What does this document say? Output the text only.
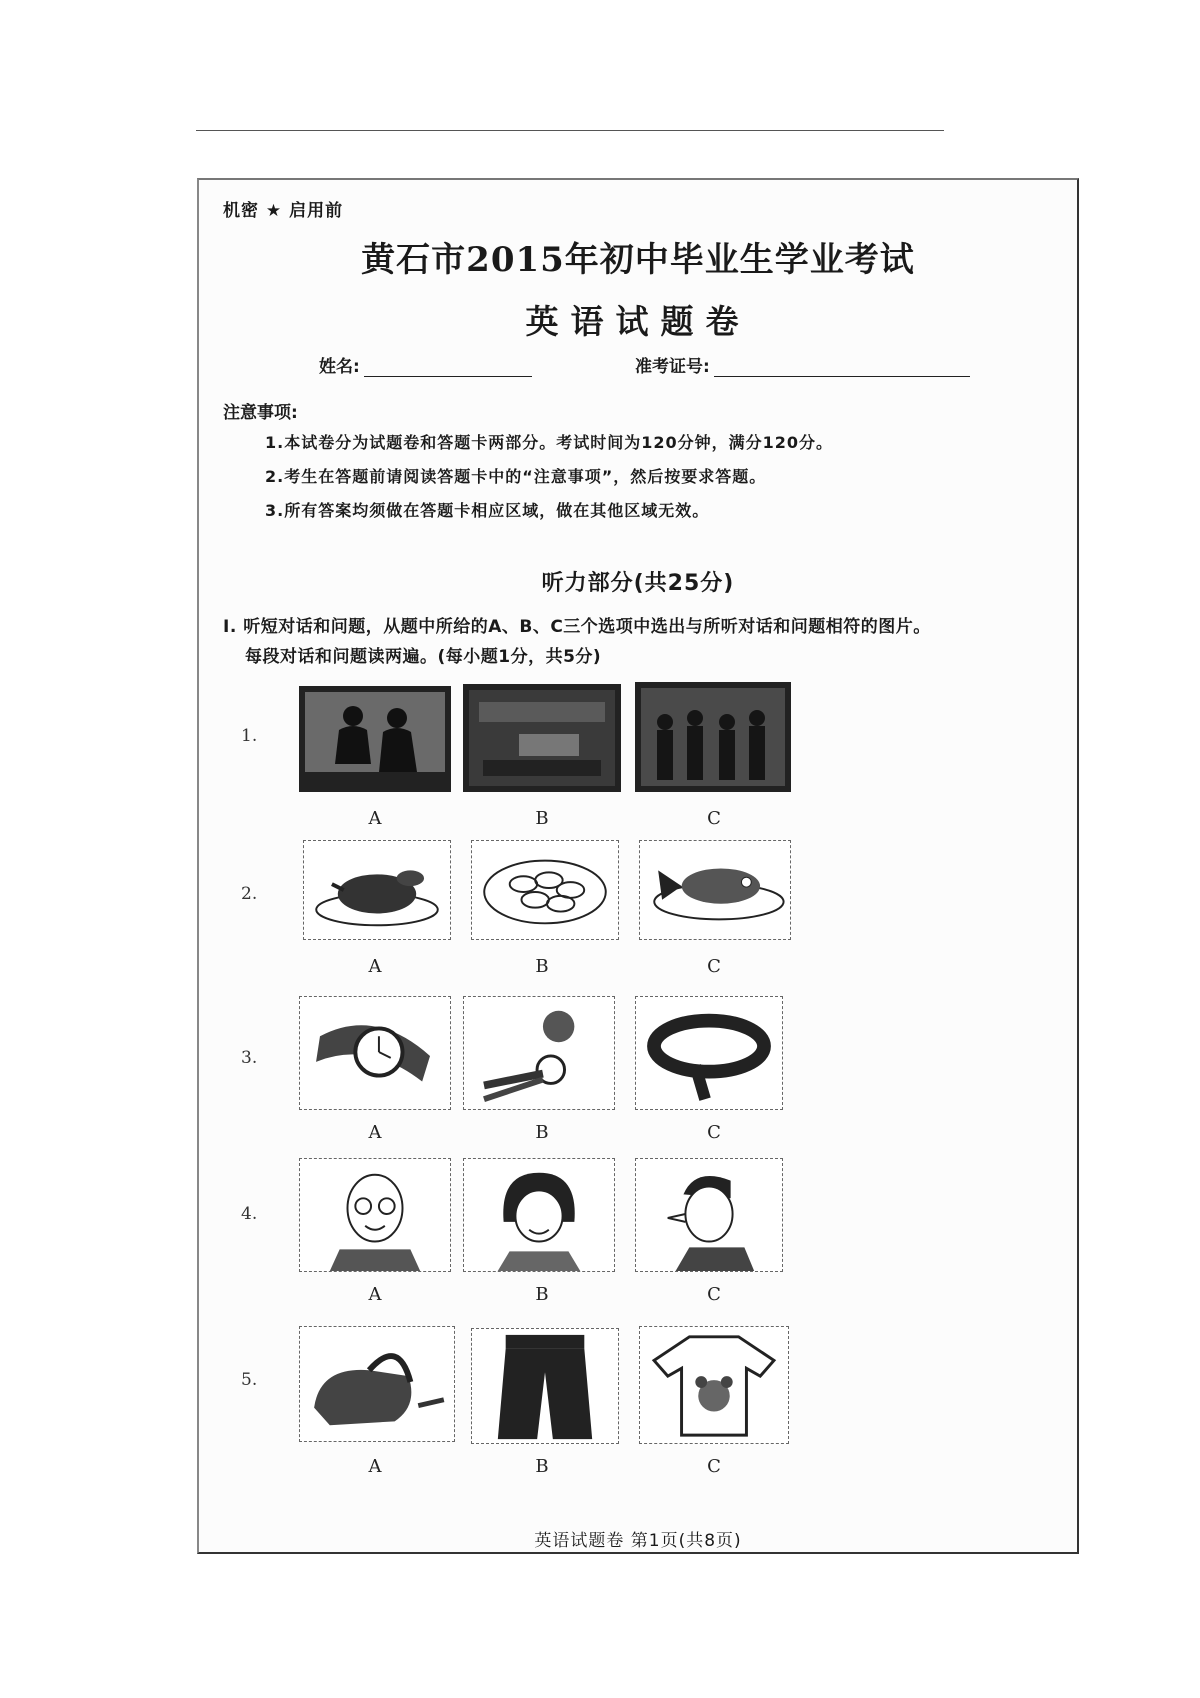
机密 ★ 启用前
黄石市2015年初中毕业生学业考试
英语试题卷
姓名:	准考证号:
注意事项:
1.本试卷分为试题卷和答题卡两部分。考试时间为120分钟，满分120分。
2.考生在答题前请阅读答题卡中的“注意事项”，然后按要求答题。
3.所有答案均须做在答题卡相应区域，做在其他区域无效。
听力部分(共25分)
I. 听短对话和问题，从题中所给的A、B、C三个选项中选出与所听对话和问题相符的图片。
每段对话和问题读两遍。(每小题1分，共5分)
1.
A	B	C
2.
A	B	C
3.
A	B	C
4.
A	B	C
5.
A	B	C
英语试题卷 第1页(共8页)
